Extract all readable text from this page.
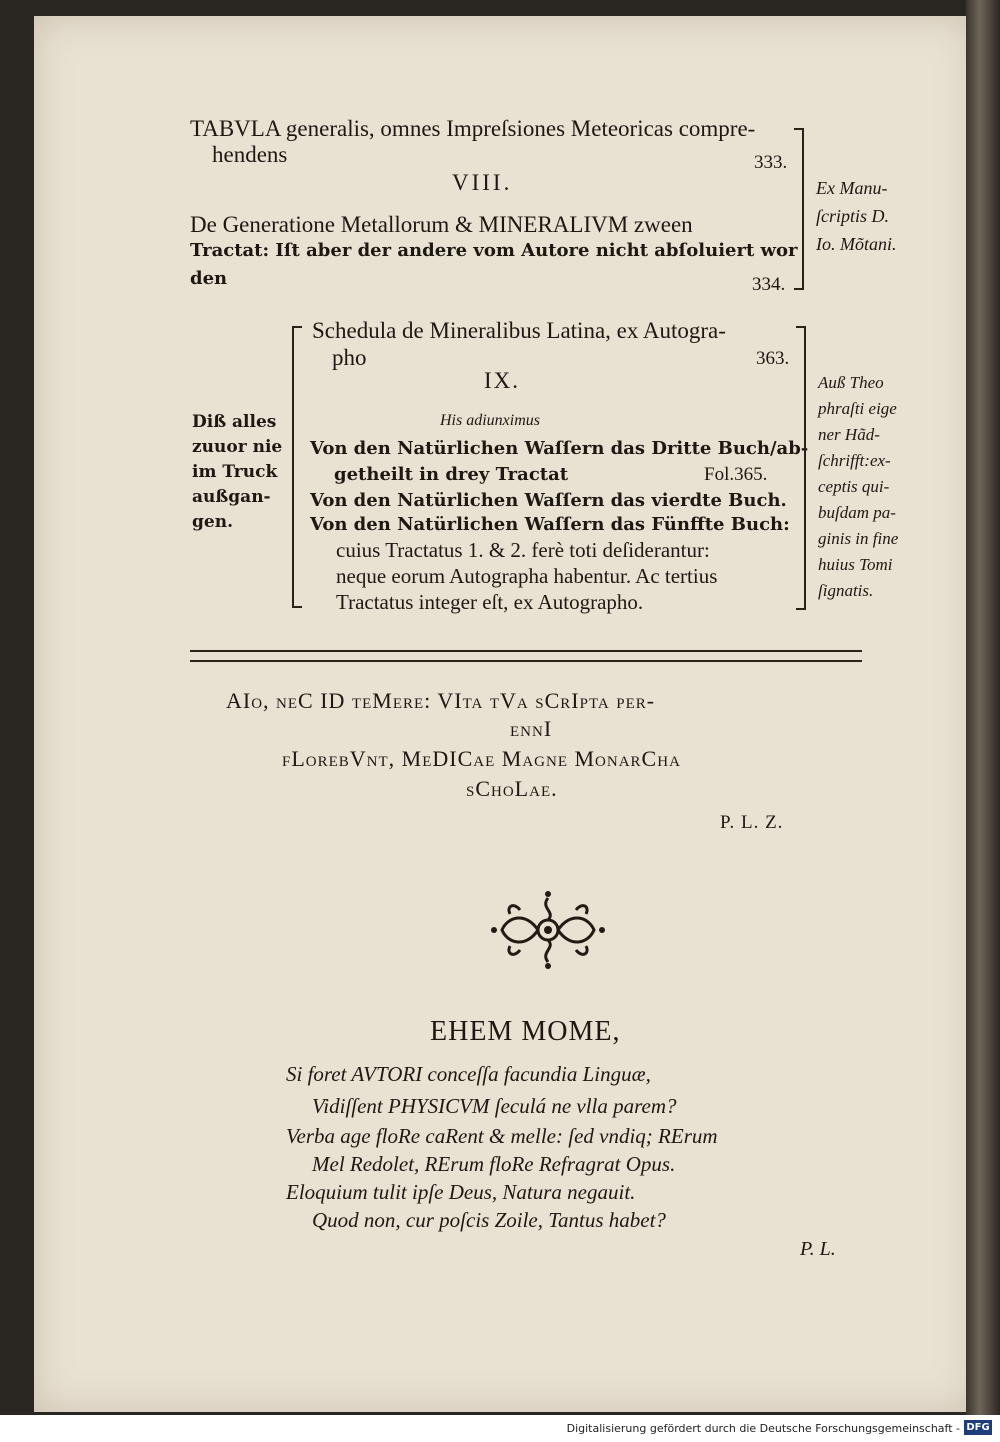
TABVLA generalis, omnes Impreſsiones Meteoricas compre-
hendens	333.
VIII.
De Generatione Metallorum & MINERALIVM zween
Tractat: Iſt aber der andere vom Autore nicht abſoluiert wor
den	334.
Ex Manu-
ſcriptis D.
Io. Mõtani.
Schedula de Mineralibus Latina, ex Autogra-
pho	363.
IX.
His adiunximus
Von den Natürlichen Waſſern das Dritte Buch/ab-
getheilt in drey Tractat	Fol.365.
Von den Natürlichen Waſſern das vierdte Buch.
Von den Natürlichen Waſſern das Fünffte Buch:
cuius Tractatus 1. & 2. ferè toti deſiderantur:
neque eorum Autographa habentur. Ac tertius
Tractatus integer eſt, ex Autographo.
Diß alles
zuuor nie
im Truck
außgan-
gen.
Auß Theo
phraſti eige
ner Hãd-
ſchrifft:ex-
ceptis qui-
buſdam pa-
ginis in fine
huius Tomi
ſignatis.
AIo, neC ID teMere: VIta tVa sCrIpta per-
ennI
fLorebVnt, MeDICae Magne MonarCha
sChoLae.
P. L. Z.
EHEM MOME,
Si foret AVTORI conceſſa facundia Linguæ,
Vidiſſent PHYSICVM ſeculá ne vlla parem?
Verba age floRe caRent & melle: ſed vndiq; RErum
Mel Redolet, RErum floRe Refragrat Opus.
Eloquium tulit ipſe Deus, Natura negauit.
Quod non, cur poſcis Zoile, Tantus habet?
P. L.
Digitalisierung gefördert durch die Deutsche Forschungsgemeinschaft - DFG
